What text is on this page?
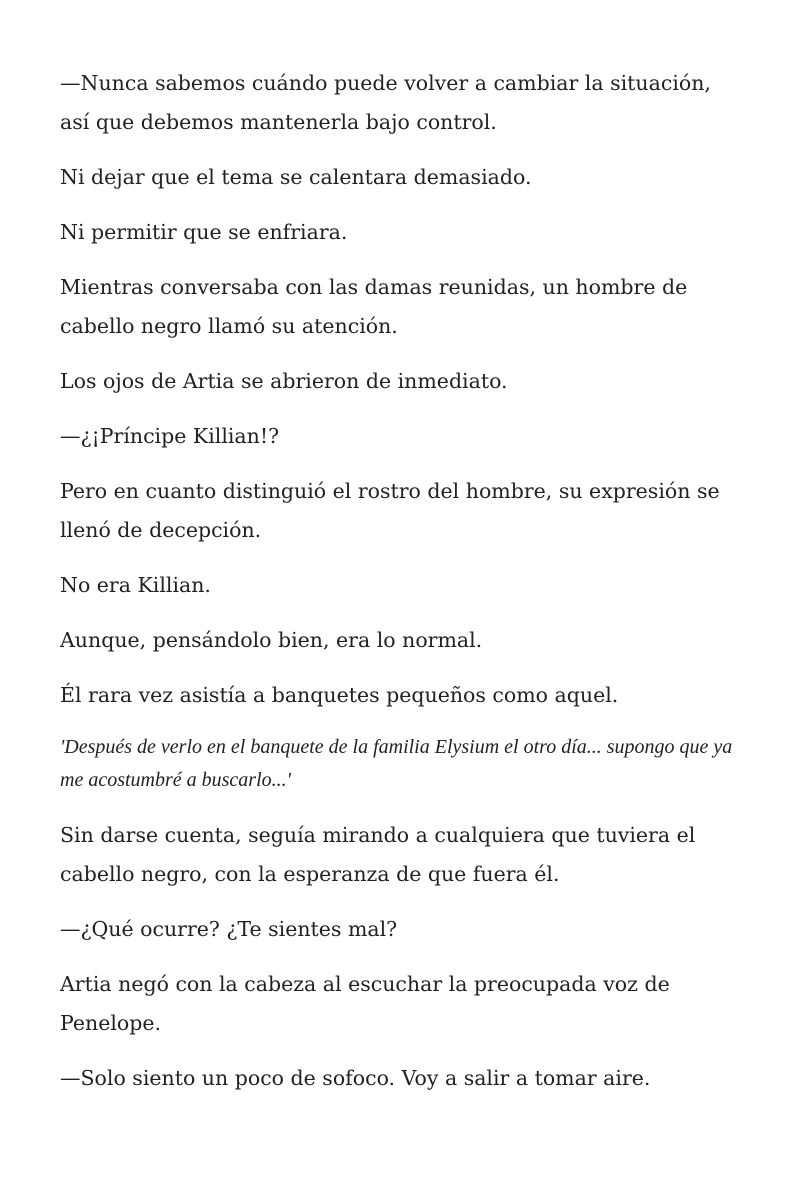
—Nunca sabemos cuándo puede volver a cambiar la situación, así que debemos mantenerla bajo control.

Ni dejar que el tema se calentara demasiado.

Ni permitir que se enfriara.

Mientras conversaba con las damas reunidas, un hombre de cabello negro llamó su atención.

Los ojos de Artia se abrieron de inmediato.

—¿¡Príncipe Killian!?

Pero en cuanto distinguió el rostro del hombre, su expresión se llenó de decepción.

No era Killian.

Aunque, pensándolo bien, era lo normal.

Él rara vez asistía a banquetes pequeños como aquel.

'Después de verlo en el banquete de la familia Elysium el otro día... supongo que ya me acostumbré a buscarlo...'

Sin darse cuenta, seguía mirando a cualquiera que tuviera el cabello negro, con la esperanza de que fuera él.

—¿Qué ocurre? ¿Te sientes mal?

Artia negó con la cabeza al escuchar la preocupada voz de Penelope.

—Solo siento un poco de sofoco. Voy a salir a tomar aire.
